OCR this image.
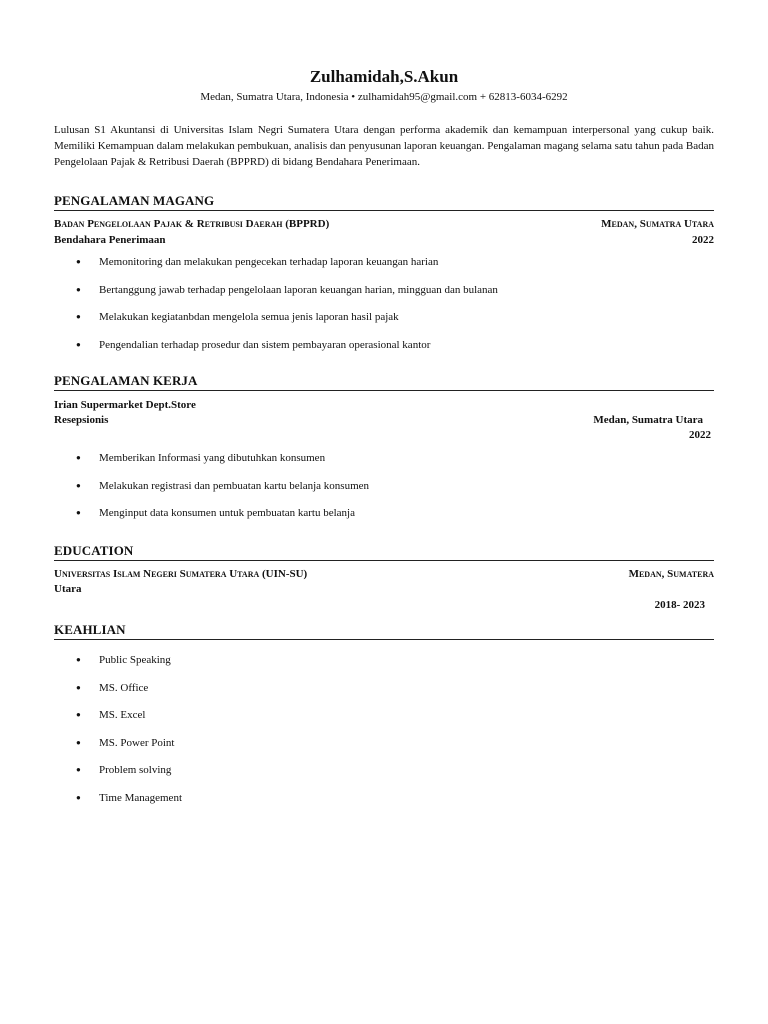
Zulhamidah,S.Akun
Medan, Sumatra Utara, Indonesia • zulhamidah95@gmail.com + 62813-6034-6292

Lulusan S1 Akuntansi di Universitas Islam Negri Sumatera Utara dengan performa akademik dan kemampuan interpersonal yang cukup baik. Memiliki Kemampuan dalam melakukan pembukuan, analisis dan penyusunan laporan keuangan. Pengalaman magang selama satu tahun pada Badan Pengelolaan Pajak & Retribusi Daerah (BPPRD) di bidang Bendahara Penerimaan.

PENGALAMAN MAGANG
Badan Pengelolaan Pajak & Retribusi Daerah (BPPRD)	Medan, Sumatra Utara
Bendahara Penerimaan	2022
● Memonitoring dan melakukan pengecekan terhadap laporan keuangan harian
● Bertanggung jawab terhadap pengelolaan laporan keuangan harian, mingguan dan bulanan
● Melakukan kegiatanbdan mengelola semua jenis laporan hasil pajak
● Pengendalian terhadap prosedur dan sistem pembayaran operasional kantor
PENGALAMAN KERJA
Irian Supermarket Dept.Store
Resepsionis	Medan, Sumatra Utara
2022
● Memberikan Informasi yang dibutuhkan konsumen
● Melakukan registrasi dan pembuatan kartu belanja konsumen
● Menginput data konsumen untuk pembuatan kartu belanja
EDUCATION
Universitas Islam Negeri Sumatera Utara (UIN-SU)	Medan, Sumatera
Utara
2018- 2023
KEAHLIAN
● Public Speaking
● MS. Office
● MS. Excel
● MS. Power Point
● Problem solving
● Time Management
